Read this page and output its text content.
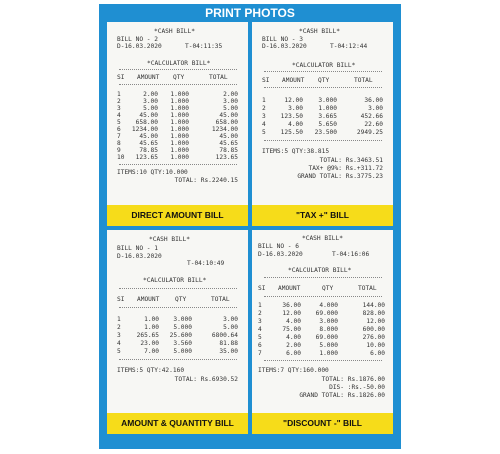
PRINT PHOTOS
*CASH BILL*
BILL NO - 2
D-16.03.2020	T-04:11:35
*CALCULATOR BILL*
SI AMOUNT QTY	TOTAL
1	2.00 1.000	2.00
2	3.00 1.000	3.00
3	5.00 1.000	5.00
4	45.00 1.000	45.00
5 658.00 1.000	658.00
6 1234.00 1.000	1234.00
7	45.00 1.000	45.00
8	45.65 1.000	45.65
9	78.85 1.000	78.85
10 123.65 1.000	123.65
ITEMS:10 QTY:10.000
TOTAL: Rs.2240.15
DIRECT AMOUNT BILL
*CASH BILL*
BILL NO - 3
D-16.03.2020	T-04:12:44
*CALCULATOR BILL*
SI AMOUNT QTY	TOTAL
1	12.00 3.000	36.00
2	3.00 1.000	3.00
3 123.50 3.665	452.66
4	4.00 5.650	22.60
5 125.50 23.500	2949.25
ITEMS:5 QTY:38.815
TOTAL: Rs.3463.51
TAX+ @9%: Rs.+311.72
GRAND TOTAL: Rs.3775.23
"TAX +" BILL
*CASH BILL*
BILL NO - 1
D-16.03.2020
T-04:10:49
*CALCULATOR BILL*
SI AMOUNT	QTY	TOTAL
1	1.00 3.000	3.00
2	1.00 5.000	5.00
3	265.65 25.600	6800.64
4	23.00 3.560	81.88
5	7.00 5.000	35.00
ITEMS:5 QTY:42.160
TOTAL: Rs.6930.52
AMOUNT & QUANTITY BILL
*CASH BILL*
BILL NO - 6
D-16.03.2020	T-04:16:06
*CALCULATOR BILL*
SI AMOUNT	QTY	TOTAL
1	36.00	4.000	144.00
2	12.00 69.000	828.00
3	4.00	3.000	12.00
4	75.00	8.000	600.00
5	4.00 69.000	276.00
6	2.00	5.000	10.00
7	6.00	1.000	6.00
ITEMS:7 QTY:160.000
TOTAL: Rs.1876.00
DIS- :Rs.-50.00
GRAND TOTAL: Rs.1826.00
"DISCOUNT -" BILL
